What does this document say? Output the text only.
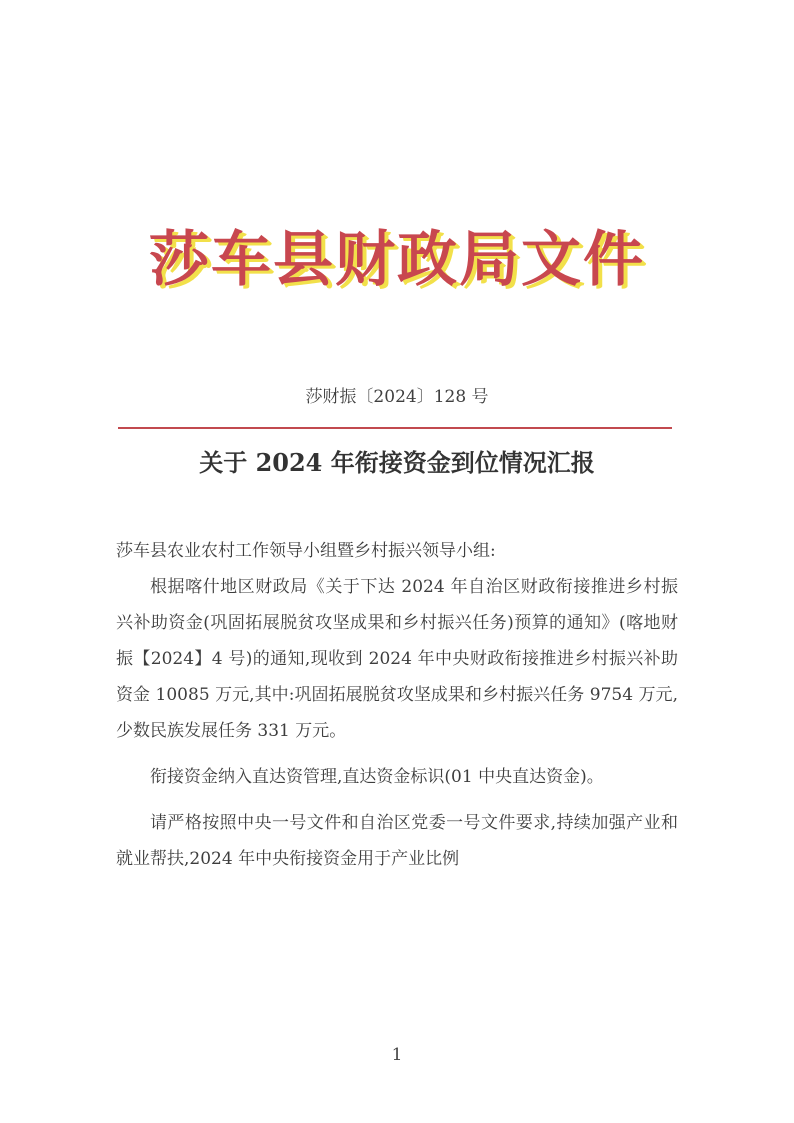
莎车县财政局文件
莎财振〔2024〕128 号
关于 2024 年衔接资金到位情况汇报

莎车县农业农村工作领导小组暨乡村振兴领导小组:

根据喀什地区财政局《关于下达 2024 年自治区财政衔接推进乡村振兴补助资金(巩固拓展脱贫攻坚成果和乡村振兴任务)预算的通知》(喀地财振【2024】4 号)的通知,现收到 2024 年中央财政衔接推进乡村振兴补助资金 10085 万元,其中:巩固拓展脱贫攻坚成果和乡村振兴任务 9754 万元,少数民族发展任务 331 万元。

衔接资金纳入直达资管理,直达资金标识(01 中央直达资金)。

请严格按照中央一号文件和自治区党委一号文件要求,持续加强产业和就业帮扶,2024 年中央衔接资金用于产业比例

1
